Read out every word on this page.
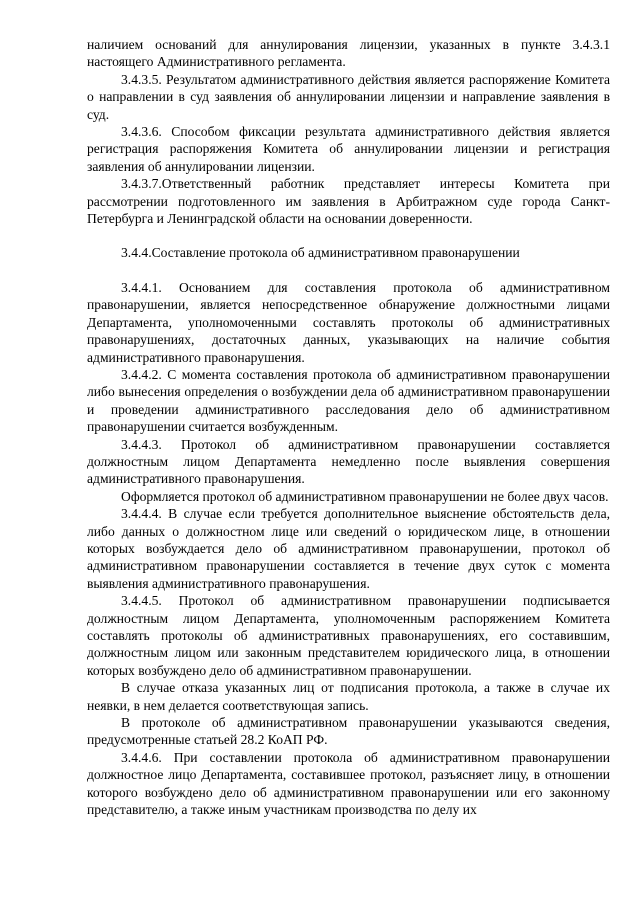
наличием оснований для аннулирования лицензии, указанных в пункте 3.4.3.1 настоящего Административного регламента.

3.4.3.5. Результатом административного действия является распоряжение Комитета о направлении в суд заявления об аннулировании лицензии и направление заявления в суд.

3.4.3.6. Способом фиксации результата административного действия является регистрация распоряжения Комитета об аннулировании лицензии и регистрация заявления об аннулировании лицензии.

3.4.3.7.Ответственный работник представляет интересы Комитета при рассмотрении подготовленного им заявления в Арбитражном суде города Санкт-Петербурга и Ленинградской области на основании доверенности.

3.4.4.Составление протокола об административном правонарушении

3.4.4.1. Основанием для составления протокола об административном правонарушении, является непосредственное обнаружение должностными лицами Департамента, уполномоченными составлять протоколы об административных правонарушениях, достаточных данных, указывающих на наличие события административного правонарушения.

3.4.4.2. С момента составления протокола об административном правонарушении либо вынесения определения о возбуждении дела об административном правонарушении и проведении административного расследования дело об административном правонарушении считается возбужденным.

3.4.4.3. Протокол об административном правонарушении составляется должностным лицом Департамента немедленно после выявления совершения административного правонарушения.

Оформляется протокол об административном правонарушении не более двух часов.

3.4.4.4. В случае если требуется дополнительное выяснение обстоятельств дела, либо данных о должностном лице или сведений о юридическом лице, в отношении которых возбуждается дело об административном правонарушении, протокол об административном правонарушении составляется в течение двух суток с момента выявления административного правонарушения.

3.4.4.5. Протокол об административном правонарушении подписывается должностным лицом Департамента, уполномоченным распоряжением Комитета составлять протоколы об административных правонарушениях, его составившим, должностным лицом или законным представителем юридического лица, в отношении которых возбуждено дело об административном правонарушении.

В случае отказа указанных лиц от подписания протокола, а также в случае их неявки, в нем делается соответствующая запись.

В протоколе об административном правонарушении указываются сведения, предусмотренные статьей 28.2 КоАП РФ.

3.4.4.6. При составлении протокола об административном правонарушении должностное лицо Департамента, составившее протокол, разъясняет лицу, в отношении которого возбуждено дело об административном правонарушении или его законному представителю, а также иным участникам производства по делу их
